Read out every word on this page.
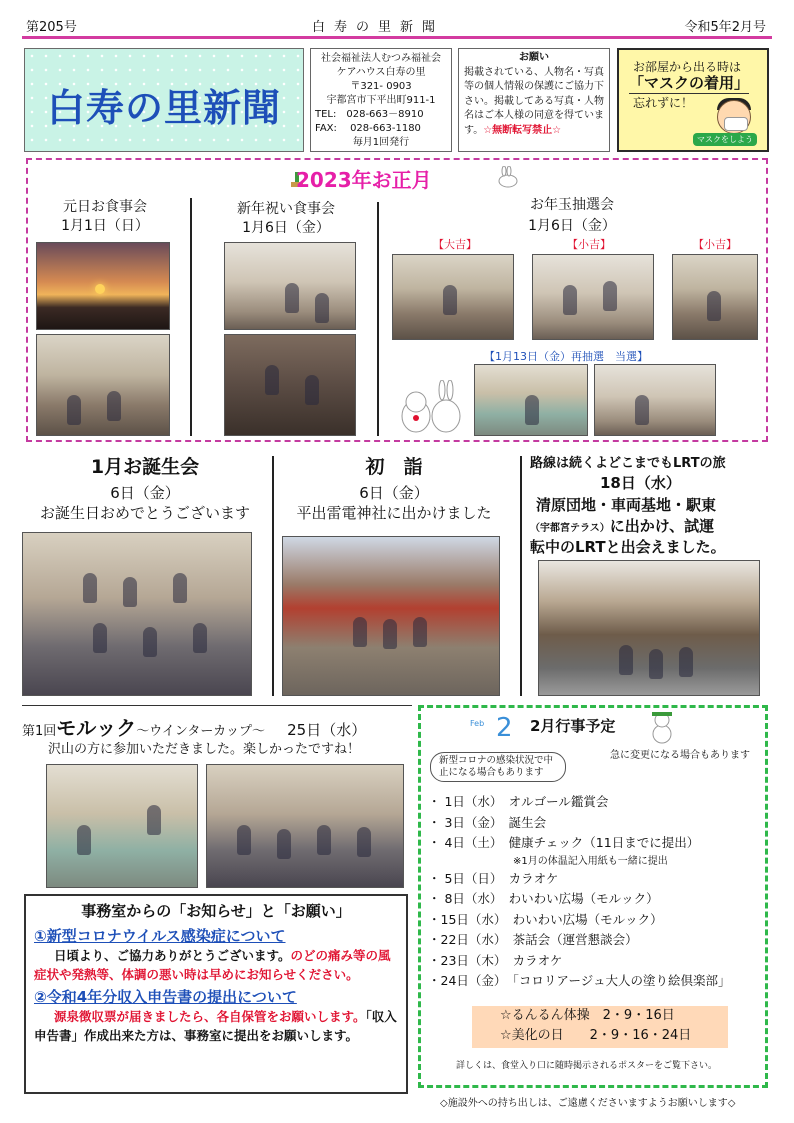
第205号	白寿の里新聞	令和5年2月号
白寿の里新聞
社会福祉法人むつみ福祉会
ケアハウス白寿の里
〒321- 0903
宇都宮市下平出町911-1
TEL:　028-663－8910
FAX:　 028-663-1180
毎月1回発行
お願い
掲載されている、人物名・写真等の個人情報の保護にご協力下さい。掲載してある写真・人物名はご本人様の同意を得ています。☆無断転写禁止☆
お部屋から出る時は
「マスクの着用」
忘れずに！
マスクをしよう
2023年お正月
元日お食事会
1月1日（日）
新年祝い食事会
1月6日（金）
お年玉抽選会
1月6日（金）
【大吉】	【小吉】	【小吉】
【1月13日（金）再抽選　当選】
1月お誕生会
6日（金）
お誕生日おめでとうございます
初　詣
6日（金）
平出雷電神社に出かけました
路線は続くよどこまでもLRTの旅
18日（水）
清原団地・車両基地・駅東
（宇都宮テラス）に出かけ、試運
転中のLRTと出会えました。
第1回モルック～ウインターカップ～ 25日（水）
沢山の方に参加いただきました。楽しかったですね！
事務室からの「お知らせ」と「お願い」
①新型コロナウイルス感染症について
日頃より、ご協力ありがとうございます。のどの痛み等の風症状や発熱等、体調の悪い時は早めにお知らせください。
②令和4年分収入申告書の提出について
源泉徴収票が届きましたら、各自保管をお願いします。「収入申告書」作成出来た方は、事務室に提出をお願いします。
2
Feb	2月行事予定
急に変更になる場合もあります
新型コロナの感染状況で中止になる場合もあります
・ 1日（水）　オルゴール鑑賞会
・ 3日（金）　誕生会
・ 4日（土）　健康チェック（11日までに提出）
※1月の体温記入用紙も一緒に提出
・ 5日（日）　カラオケ
・ 8日（水）　わいわい広場（モルック）
・15日（水）　わいわい広場（モルック）
・22日（水）　茶話会（運営懇談会）
・23日（木）　カラオケ
・24日（金）　「コロリアージュ大人の塗り絵倶楽部」
☆るんるん体操　2・9・16日
☆美化の日　　2・9・16・24日
詳しくは、食堂入り口に随時掲示されるポスターをご覧下さい。
◇施設外への持ち出しは、ご遠慮くださいますようお願いします◇
